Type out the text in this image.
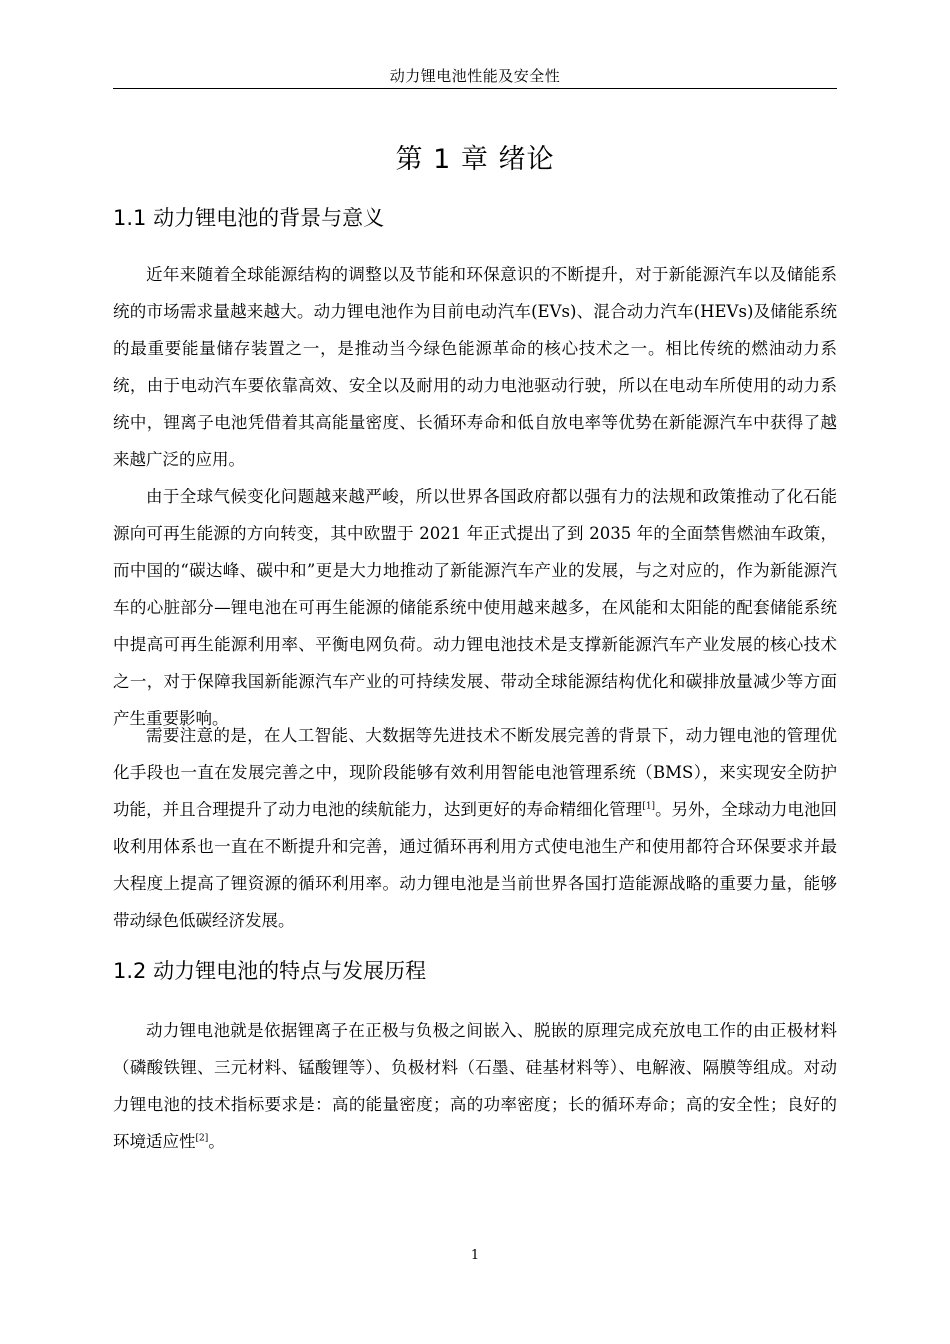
动力锂电池性能及安全性
第 1 章 绪论
1.1 动力锂电池的背景与意义

近年来随着全球能源结构的调整以及节能和环保意识的不断提升，对于新能源汽车以及储能系统的市场需求量越来越大。动力锂电池作为目前电动汽车(EVs)、混合动力汽车(HEVs)及储能系统的最重要能量储存装置之一，是推动当今绿色能源革命的核心技术之一。相比传统的燃油动力系统，由于电动汽车要依靠高效、安全以及耐用的动力电池驱动行驶，所以在电动车所使用的动力系统中，锂离子电池凭借着其高能量密度、长循环寿命和低自放电率等优势在新能源汽车中获得了越来越广泛的应用。

由于全球气候变化问题越来越严峻，所以世界各国政府都以强有力的法规和政策推动了化石能源向可再生能源的方向转变，其中欧盟于 2021 年正式提出了到 2035 年的全面禁售燃油车政策，而中国的“碳达峰、碳中和”更是大力地推动了新能源汽车产业的发展，与之对应的，作为新能源汽车的心脏部分—锂电池在可再生能源的储能系统中使用越来越多，在风能和太阳能的配套储能系统中提高可再生能源利用率、平衡电网负荷。动力锂电池技术是支撑新能源汽车产业发展的核心技术之一，对于保障我国新能源汽车产业的可持续发展、带动全球能源结构优化和碳排放量减少等方面产生重要影响。

需要注意的是，在人工智能、大数据等先进技术不断发展完善的背景下，动力锂电池的管理优化手段也一直在发展完善之中，现阶段能够有效利用智能电池管理系统（BMS），来实现安全防护功能，并且合理提升了动力电池的续航能力，达到更好的寿命精细化管理[1]。另外，全球动力电池回收利用体系也一直在不断提升和完善，通过循环再利用方式使电池生产和使用都符合环保要求并最大程度上提高了锂资源的循环利用率。动力锂电池是当前世界各国打造能源战略的重要力量，能够带动绿色低碳经济发展。

1.2 动力锂电池的特点与发展历程

动力锂电池就是依据锂离子在正极与负极之间嵌入、脱嵌的原理完成充放电工作的由正极材料（磷酸铁锂、三元材料、锰酸锂等）、负极材料（石墨、硅基材料等）、电解液、隔膜等组成。对动力锂电池的技术指标要求是：高的能量密度；高的功率密度；长的循环寿命；高的安全性；良好的环境适应性[2]。

1
